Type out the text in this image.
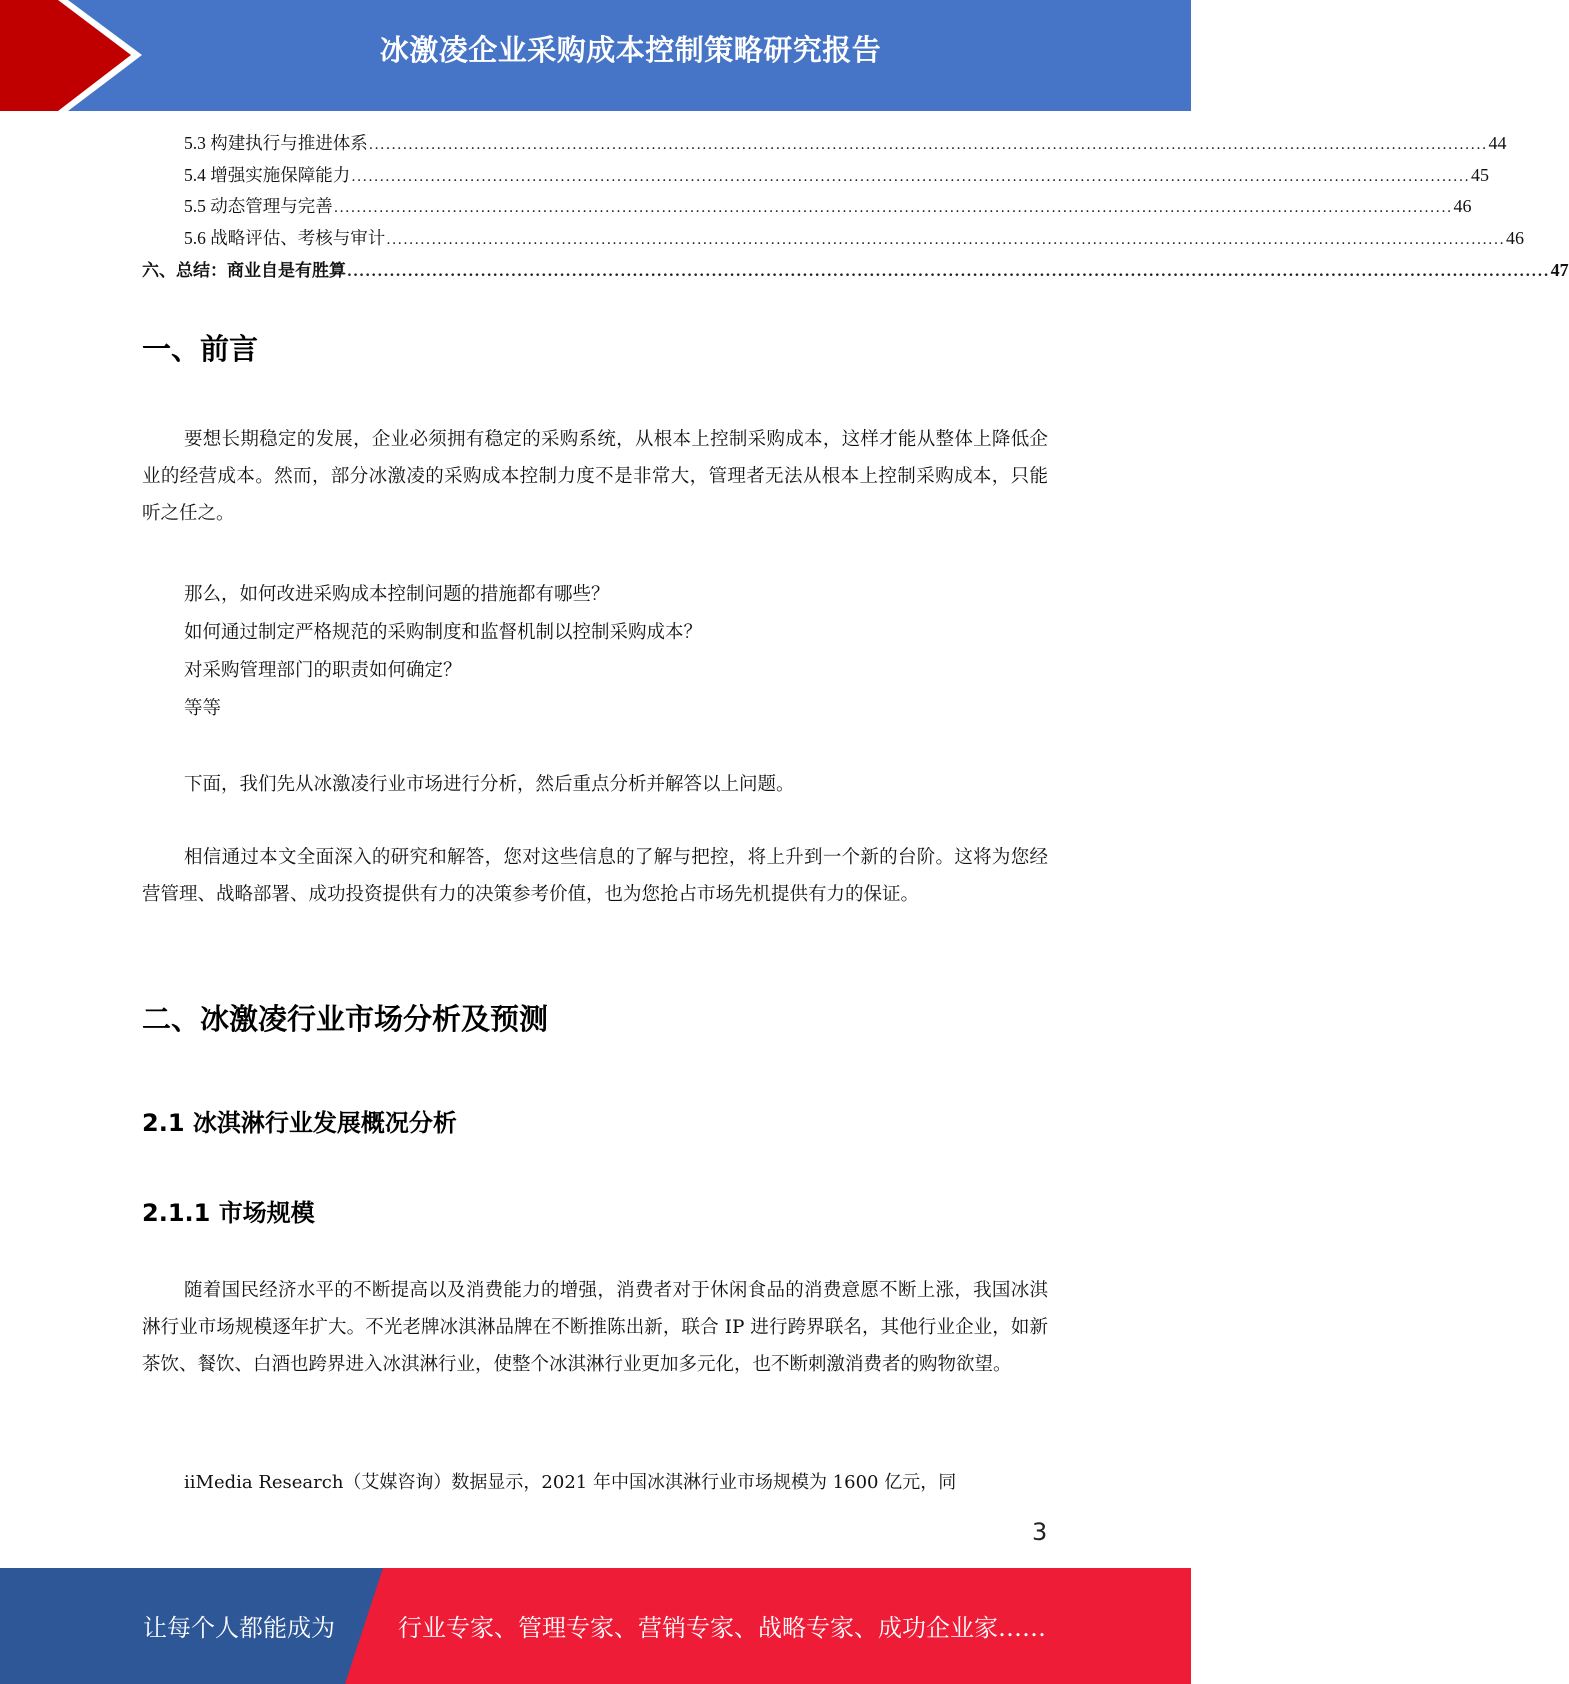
冰激凌企业采购成本控制策略研究报告
5.3 构建执行与推进体系 ...................................................................................................................................................................................................... 44
5.4 增强实施保障能力 ...................................................................................................................................................................................................... 45
5.5 动态管理与完善 ...................................................................................................................................................................................................... 46
5.6 战略评估、考核与审计 ...................................................................................................................................................................................................... 46
六、总结：商业自是有胜算 ...................................................................................................................................................................................................... 47
一、前言
要想长期稳定的发展，企业必须拥有稳定的采购系统，从根本上控制采购成本，这样才能从整体上降低企业的经营成本。然而，部分冰激凌的采购成本控制力度不是非常大，管理者无法从根本上控制采购成本，只能听之任之。
那么，如何改进采购成本控制问题的措施都有哪些？
如何通过制定严格规范的采购制度和监督机制以控制采购成本？
对采购管理部门的职责如何确定？
等等
下面，我们先从冰激凌行业市场进行分析，然后重点分析并解答以上问题。
相信通过本文全面深入的研究和解答，您对这些信息的了解与把控，将上升到一个新的台阶。这将为您经营管理、战略部署、成功投资提供有力的决策参考价值，也为您抢占市场先机提供有力的保证。
二、冰激凌行业市场分析及预测
2.1 冰淇淋行业发展概况分析
2.1.1 市场规模
随着国民经济水平的不断提高以及消费能力的增强，消费者对于休闲食品的消费意愿不断上涨，我国冰淇淋行业市场规模逐年扩大。不光老牌冰淇淋品牌在不断推陈出新，联合 IP 进行跨界联名，其他行业企业，如新茶饮、餐饮、白酒也跨界进入冰淇淋行业，使整个冰淇淋行业更加多元化，也不断刺激消费者的购物欲望。
iiMedia Research（艾媒咨询）数据显示，2021 年中国冰淇淋行业市场规模为 1600 亿元，同
3
让每个人都能成为	行业专家、管理专家、营销专家、战略专家、成功企业家……
